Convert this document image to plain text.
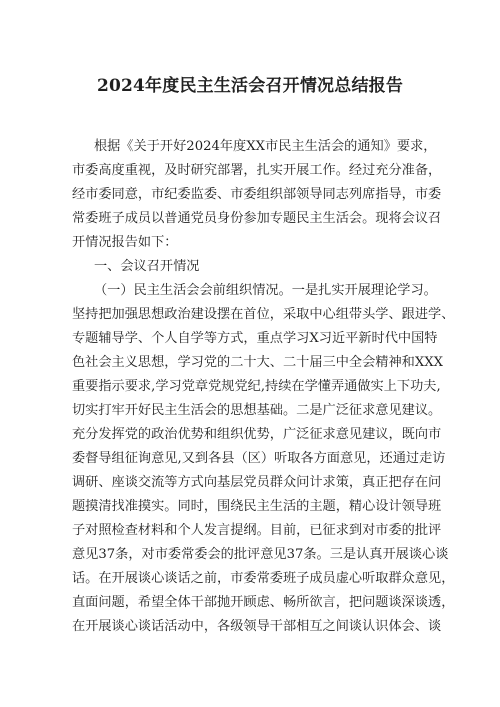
2024年度民主生活会召开情况总结报告
根据《关于开好2024年度XX市民主生活会的通知》要求，
市委高度重视，及时研究部署，扎实开展工作。经过充分准备，
经市委同意，市纪委监委、市委组织部领导同志列席指导，市委
常委班子成员以普通党员身份参加专题民主生活会。现将会议召
开情况报告如下：
一、会议召开情况
（一）民主生活会会前组织情况。一是扎实开展理论学习。
坚持把加强思想政治建设摆在首位，采取中心组带头学、跟进学、
专题辅导学、个人自学等方式，重点学习X习近平新时代中国特
色社会主义思想，学习党的二十大、二十届三中全会精神和XXX
重要指示要求,学习党章党规党纪,持续在学懂弄通做实上下功夫,
切实打牢开好民主生活会的思想基础。二是广泛征求意见建议。
充分发挥党的政治优势和组织优势，广泛征求意见建议，既向市
委督导组征询意见,又到各县（区）听取各方面意见，还通过走访
调研、座谈交流等方式向基层党员群众问计求策，真正把存在问
题摸清找准摸实。同时，围绕民主生活的主题，精心设计领导班
子对照检查材料和个人发言提纲。目前，已征求到对市委的批评
意见37条，对市委常委会的批评意见37条。三是认真开展谈心谈
话。在开展谈心谈话之前，市委常委班子成员虚心听取群众意见，
直面问题，希望全体干部抛开顾虑、畅所欲言，把问题谈深谈透，
在开展谈心谈话活动中，各级领导干部相互之间谈认识体会、谈
